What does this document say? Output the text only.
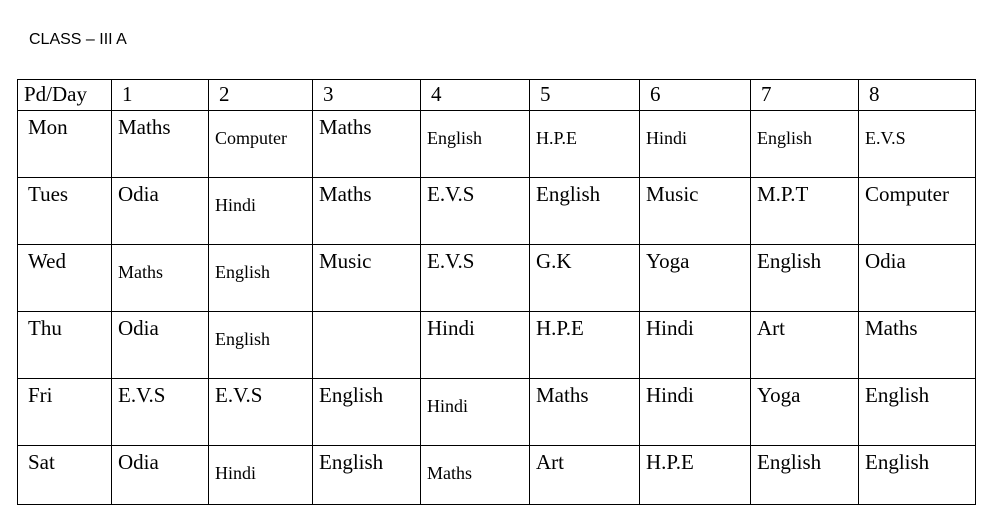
CLASS – III A
Pd/Day	1	2	3	4	5	6	7	8
Mon	Maths	Computer	Maths	English	H.P.E	Hindi	English	E.V.S
Tues	Odia	Hindi	Maths	E.V.S	English	Music	M.P.T	Computer
Wed	Maths	English	Music	E.V.S	G.K	Yoga	English	Odia
Thu	Odia	English		Hindi	H.P.E	Hindi	Art	Maths
Fri	E.V.S	E.V.S	English	Hindi	Maths	Hindi	Yoga	English
Sat	Odia	Hindi	English	Maths	Art	H.P.E	English	English
